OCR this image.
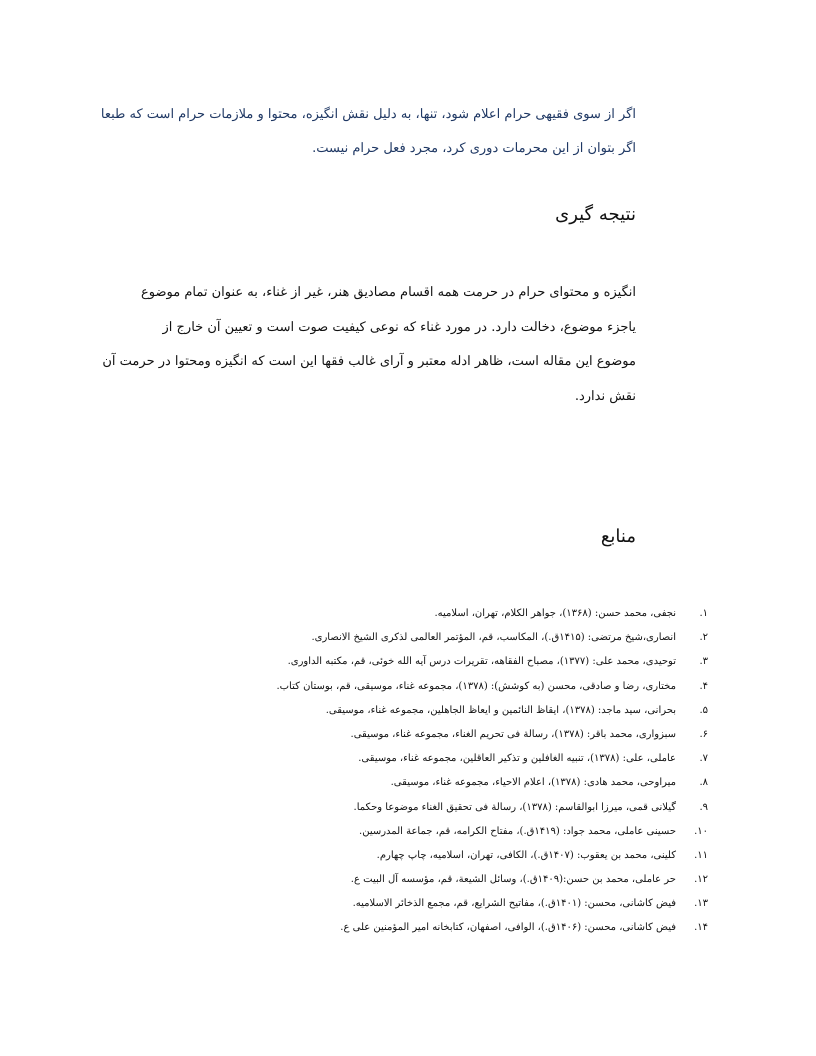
اگر از سوی فقیهی حرام اعلام شود، تنها، به دلیل نقش انگیزه، محتوا و ملازمات حرام است که طبعا

اگر بتوان از این محرمات دوری کرد، مجرد فعل حرام نیست.

نتیجه گیری

انگیزه و محتوای حرام در حرمت همه اقسام مصادیق هنر، غیر از غناء، به عنوان تمام موضوع

یاجزء موضوع، دخالت دارد. در مورد غناء که نوعی کیفیت صوت است و تعیین آن خارج از

موضوع این مقاله است، ظاهر ادله معتبر و آرای غالب فقها این است که انگیزه ومحتوا در حرمت آن

نقش ندارد.

منابع
۱.
نجفی، محمد حسن: (۱۳۶۸)، جواهر الکلام، تهران، اسلامیه.
۲.
انصاری،شیخ مرتضی: (۱۴۱۵ق.)، المکاسب، قم، المؤتمر العالمی لذکری الشیخ الانصاری.
۳.
توحیدی، محمد علی: (۱۳۷۷)، مصباح الفقاهه، تقریرات درس آیه الله خوئی، قم، مکتبه الداوری.
۴.
مختاری، رضا و صادقی، محسن (به کوشش): (۱۳۷۸)، مجموعه غناء، موسیقی، قم، بوستان کتاب.
۵.
بحرانی، سید ماجد: (۱۳۷۸)، ایقاظ النائمین و ایعاظ الجاهلین، مجموعه غناء، موسیقی.
۶.
سبزواری، محمد باقر: (۱۳۷۸)، رسالة فی تحریم الغناء، مجموعه غناء، موسیقی.
۷.
عاملی، علی: (۱۳۷۸)، تنبیه الغافلین و تذکیر العاقلین، مجموعه غناء، موسیقی.
۸.
میراوحی، محمد هادی: (۱۳۷۸)، اعلام الاحیاء، مجموعه غناء، موسیقی.
۹.
گیلانی قمی، میرزا ابوالقاسم: (۱۳۷۸)، رسالة فی تحقیق الغناء موضوعا وحکما.
۱۰.
حسینی عاملی، محمد جواد: (۱۴۱۹ق.)، مفتاح الکرامه، قم، جماعة المدرسین.
۱۱.
کلینی، محمد بن یعقوب: (۱۴۰۷ق.)، الکافی، تهران، اسلامیه، چاپ چهارم.
۱۲.
حر عاملی، محمد بن حسن:(۱۴۰۹ق.)، وسائل الشیعة، قم، مؤسسه آل البیت ع.
۱۳.
فیض کاشانی، محسن: (۱۴۰۱ق.)، مفاتیح الشرایع، قم، مجمع الذخائر الاسلامیه.
۱۴.
فیض کاشانی، محسن: (۱۴۰۶ق.)، الوافی، اصفهان، کتابخانه امیر المؤمنین علی ع.
